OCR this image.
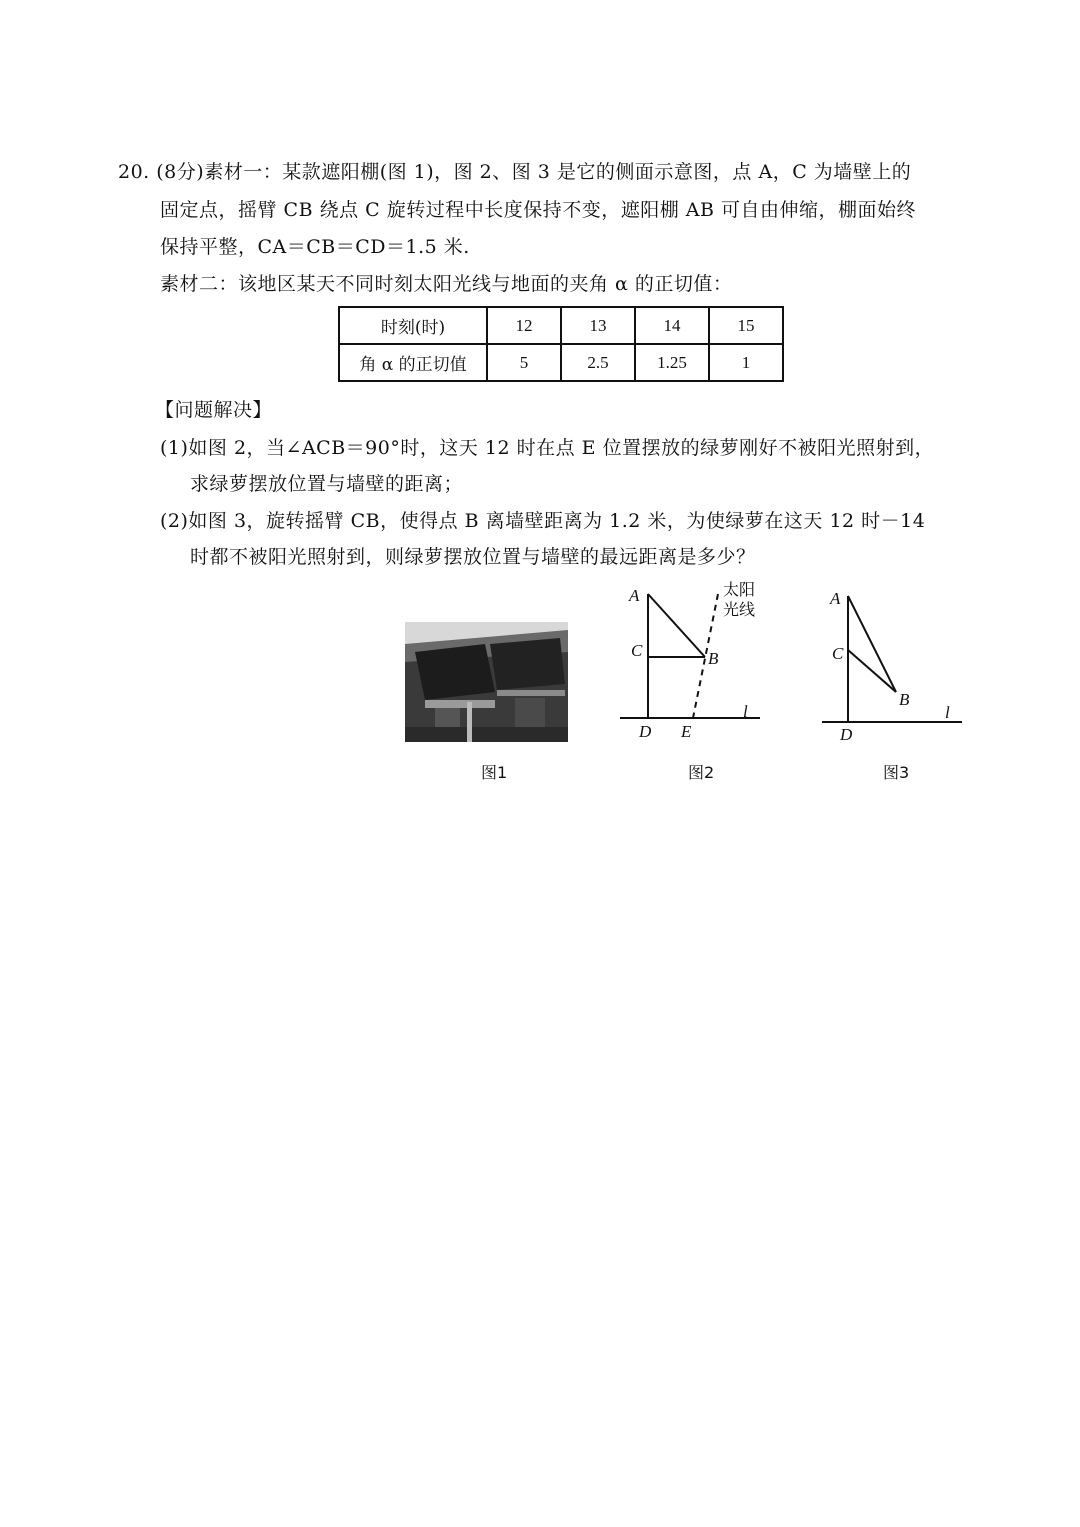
20. (8分)素材一：某款遮阳棚(图 1)，图 2、图 3 是它的侧面示意图，点 A，C 为墙壁上的
固定点，摇臂 CB 绕点 C 旋转过程中长度保持不变，遮阳棚 AB 可自由伸缩，棚面始终
保持平整，CA＝CB＝CD＝1.5 米.
素材二：该地区某天不同时刻太阳光线与地面的夹角 α 的正切值：
时刻(时)	12	13	14	15
角 α 的正切值	5	2.5	1.25	1
【问题解决】
(1)如图 2，当∠ACB＝90°时，这天 12 时在点 E 位置摆放的绿萝刚好不被阳光照射到，
求绿萝摆放位置与墙壁的距离；
(2)如图 3，旋转摇臂 CB，使得点 B 离墙壁距离为 1.2 米，为使绿萝在这天 12 时－14
时都不被阳光照射到，则绿萝摆放位置与墙壁的最远距离是多少？
图1
A
C	B
D E
l
太阳
光线
图2
A
C
B
D
l
图3
